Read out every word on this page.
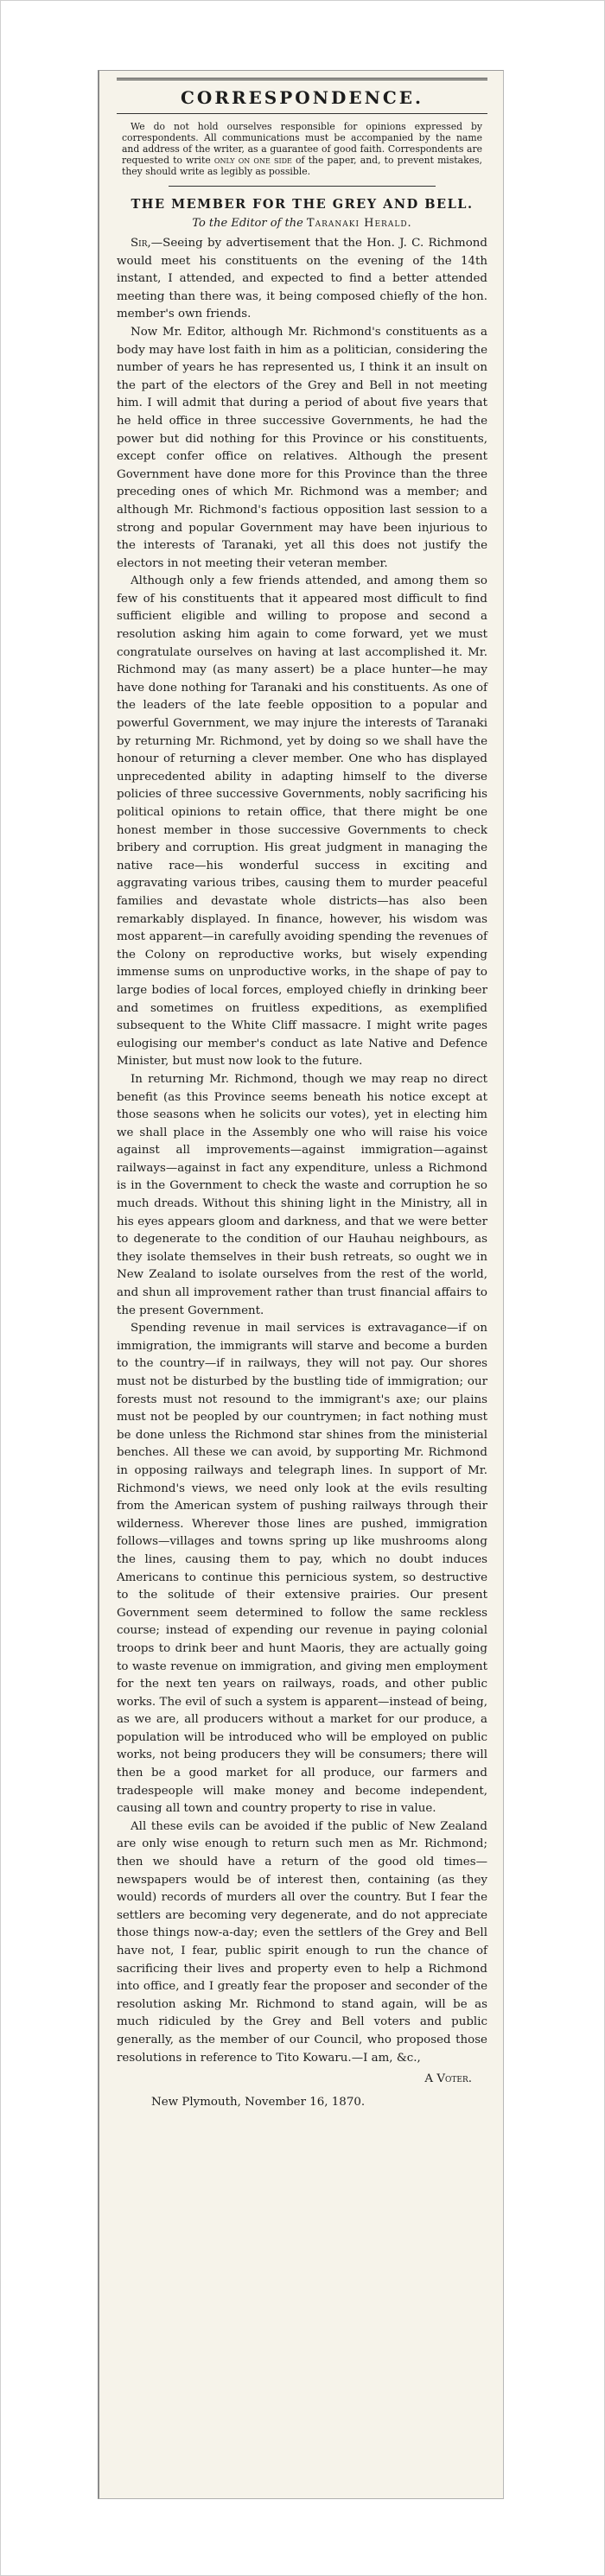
CORRESPONDENCE.

We do not hold ourselves responsible for opinions expressed by correspondents. All communications must be accompanied by the name and address of the writer, as a guarantee of good faith. Correspondents are requested to write only on one side of the paper, and, to prevent mistakes, they should write as legibly as possible.

THE MEMBER FOR THE GREY AND BELL.

To the Editor of the Taranaki Herald.

Sir,—Seeing by advertisement that the Hon. J. C. Richmond would meet his constituents on the evening of the 14th instant, I attended, and expected to find a better attended meeting than there was, it being composed chiefly of the hon. member's own friends.

Now Mr. Editor, although Mr. Richmond's constituents as a body may have lost faith in him as a politician, considering the number of years he has represented us, I think it an insult on the part of the electors of the Grey and Bell in not meeting him. I will admit that during a period of about five years that he held office in three successive Governments, he had the power but did nothing for this Province or his constituents, except confer office on relatives. Although the present Government have done more for this Province than the three preceding ones of which Mr. Richmond was a member; and although Mr. Richmond's factious opposition last session to a strong and popular Government may have been injurious to the interests of Taranaki, yet all this does not justify the electors in not meeting their veteran member.

Although only a few friends attended, and among them so few of his constituents that it appeared most difficult to find sufficient eligible and willing to propose and second a resolution asking him again to come forward, yet we must congratulate ourselves on having at last accomplished it. Mr. Richmond may (as many assert) be a place hunter—he may have done nothing for Taranaki and his constituents. As one of the leaders of the late feeble opposition to a popular and powerful Government, we may injure the interests of Taranaki by returning Mr. Richmond, yet by doing so we shall have the honour of returning a clever member. One who has displayed unprecedented ability in adapting himself to the diverse policies of three successive Governments, nobly sacrificing his political opinions to retain office, that there might be one honest member in those successive Governments to check bribery and corruption. His great judgment in managing the native race—his wonderful success in exciting and aggravating various tribes, causing them to murder peaceful families and devastate whole districts—has also been remarkably displayed. In finance, however, his wisdom was most apparent—in carefully avoiding spending the revenues of the Colony on reproductive works, but wisely expending immense sums on unproductive works, in the shape of pay to large bodies of local forces, employed chiefly in drinking beer and sometimes on fruitless expeditions, as exemplified subsequent to the White Cliff massacre. I might write pages eulogising our member's conduct as late Native and Defence Minister, but must now look to the future.

In returning Mr. Richmond, though we may reap no direct benefit (as this Province seems beneath his notice except at those seasons when he solicits our votes), yet in electing him we shall place in the Assembly one who will raise his voice against all improvements—against immigration—against railways—against in fact any expenditure, unless a Richmond is in the Government to check the waste and corruption he so much dreads. Without this shining light in the Ministry, all in his eyes appears gloom and darkness, and that we were better to degenerate to the condition of our Hauhau neighbours, as they isolate themselves in their bush retreats, so ought we in New Zealand to isolate ourselves from the rest of the world, and shun all improvement rather than trust financial affairs to the present Government.

Spending revenue in mail services is extravagance—if on immigration, the immigrants will starve and become a burden to the country—if in railways, they will not pay. Our shores must not be disturbed by the bustling tide of immigration; our forests must not resound to the immigrant's axe; our plains must not be peopled by our countrymen; in fact nothing must be done unless the Richmond star shines from the ministerial benches. All these we can avoid, by supporting Mr. Richmond in opposing railways and telegraph lines. In support of Mr. Richmond's views, we need only look at the evils resulting from the American system of pushing railways through their wilderness. Wherever those lines are pushed, immigration follows—villages and towns spring up like mushrooms along the lines, causing them to pay, which no doubt induces Americans to continue this pernicious system, so destructive to the solitude of their extensive prairies. Our present Government seem determined to follow the same reckless course; instead of expending our revenue in paying colonial troops to drink beer and hunt Maoris, they are actually going to waste revenue on immigration, and giving men employment for the next ten years on railways, roads, and other public works. The evil of such a system is apparent—instead of being, as we are, all producers without a market for our produce, a population will be introduced who will be employed on public works, not being producers they will be consumers; there will then be a good market for all produce, our farmers and tradespeople will make money and become independent, causing all town and country property to rise in value.

All these evils can be avoided if the public of New Zealand are only wise enough to return such men as Mr. Richmond; then we should have a return of the good old times—newspapers would be of interest then, containing (as they would) records of murders all over the country. But I fear the settlers are becoming very degenerate, and do not appreciate those things now-a-day; even the settlers of the Grey and Bell have not, I fear, public spirit enough to run the chance of sacrificing their lives and property even to help a Richmond into office, and I greatly fear the proposer and seconder of the resolution asking Mr. Richmond to stand again, will be as much ridiculed by the Grey and Bell voters and public generally, as the member of our Council, who proposed those resolutions in reference to Tito Kowaru.—I am, &c.,

A Voter.

New Plymouth, November 16, 1870.
